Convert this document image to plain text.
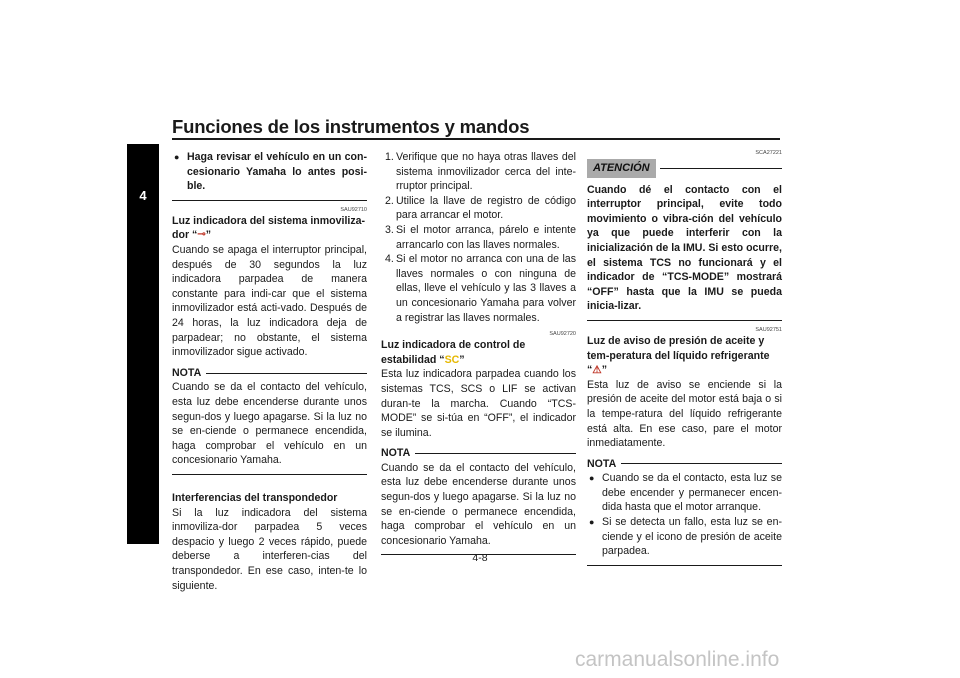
Funciones de los instrumentos y mandos
4
● Haga revisar el vehículo en un con-cesionario Yamaha lo antes posi-ble.
SAU92710
Luz indicadora del sistema inmoviliza-dor “⊸”
Cuando se apaga el interruptor principal, después de 30 segundos la luz indicadora parpadea de manera constante para indi-car que el sistema inmovilizador está acti-vado. Después de 24 horas, la luz indicadora deja de parpadear; no obstante, el sistema inmovilizador sigue activado.
NOTA
Cuando se da el contacto del vehículo, esta luz debe encenderse durante unos segun-dos y luego apagarse. Si la luz no se en-ciende o permanece encendida, haga comprobar el vehículo en un concesionario Yamaha.
Interferencias del transpondedor
Si la luz indicadora del sistema inmoviliza-dor parpadea 5 veces despacio y luego 2 veces rápido, puede deberse a interferen-cias del transpondedor. En ese caso, inten-te lo siguiente.
1. Verifique que no haya otras llaves del sistema inmovilizador cerca del inte-rruptor principal.
2. Utilice la llave de registro de código para arrancar el motor.
3. Si el motor arranca, párelo e intente arrancarlo con las llaves normales.
4. Si el motor no arranca con una de las llaves normales o con ninguna de ellas, lleve el vehículo y las 3 llaves a un concesionario Yamaha para volver a registrar las llaves normales.
SAU92720
Luz indicadora de control de estabilidad “SC”
Esta luz indicadora parpadea cuando los sistemas TCS, SCS o LIF se activan duran-te la marcha. Cuando “TCS-MODE” se si-túa en “OFF”, el indicador se ilumina.
NOTA
Cuando se da el contacto del vehículo, esta luz debe encenderse durante unos segun-dos y luego apagarse. Si la luz no se en-ciende o permanece encendida, haga comprobar el vehículo en un concesionario Yamaha.
SCA27221
ATENCIÓN
Cuando dé el contacto con el interruptor principal, evite todo movimiento o vibra-ción del vehículo ya que puede interferir con la inicialización de la IMU. Si esto ocurre, el sistema TCS no funcionará y el indicador de “TCS-MODE” mostrará “OFF” hasta que la IMU se pueda inicia-lizar.
SAU92751
Luz de aviso de presión de aceite y tem-peratura del líquido refrigerante “⚠”
Esta luz de aviso se enciende si la presión de aceite del motor está baja o si la tempe-ratura del líquido refrigerante está alta. En ese caso, pare el motor inmediatamente.
NOTA
● Cuando se da el contacto, esta luz se debe encender y permanecer encen-dida hasta que el motor arranque.
● Si se detecta un fallo, esta luz se en-ciende y el icono de presión de aceite parpadea.
4-8
carmanualsonline.info
